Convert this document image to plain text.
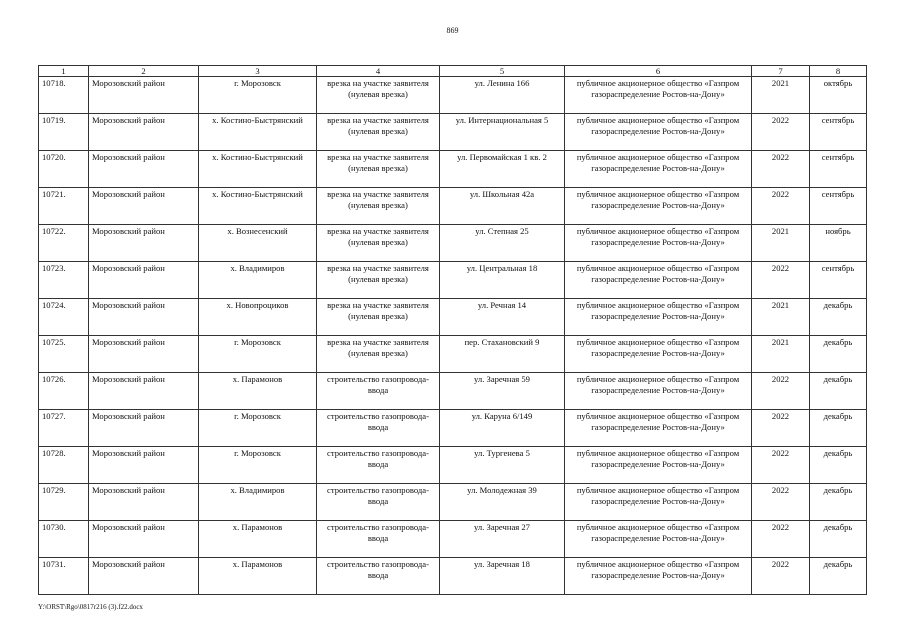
869
1	2	3	4	5	6	7	8
10718.	Морозовский район	г. Морозовск	врезка на участке заявителя (нулевая врезка)	ул. Ленина 166	публичное акционерное общество «Газпром газораспределение Ростов-на-Дону»	2021	октябрь
10719.	Морозовский район	х. Костино-Быстрянский	врезка на участке заявителя (нулевая врезка)	ул. Интернациональная 5	публичное акционерное общество «Газпром газораспределение Ростов-на-Дону»	2022	сентябрь
10720.	Морозовский район	х. Костино-Быстрянский	врезка на участке заявителя (нулевая врезка)	ул. Первомайская 1 кв. 2	публичное акционерное общество «Газпром газораспределение Ростов-на-Дону»	2022	сентябрь
10721.	Морозовский район	х. Костино-Быстрянский	врезка на участке заявителя (нулевая врезка)	ул. Школьная 42а	публичное акционерное общество «Газпром газораспределение Ростов-на-Дону»	2022	сентябрь
10722.	Морозовский район	х. Вознесенский	врезка на участке заявителя (нулевая врезка)	ул. Степная 25	публичное акционерное общество «Газпром газораспределение Ростов-на-Дону»	2021	ноябрь
10723.	Морозовский район	х. Владимиров	врезка на участке заявителя (нулевая врезка)	ул. Центральная 18	публичное акционерное общество «Газпром газораспределение Ростов-на-Дону»	2022	сентябрь
10724.	Морозовский район	х. Новопроциков	врезка на участке заявителя (нулевая врезка)	ул. Речная 14	публичное акционерное общество «Газпром газораспределение Ростов-на-Дону»	2021	декабрь
10725.	Морозовский район	г. Морозовск	врезка на участке заявителя (нулевая врезка)	пер. Стахановский 9	публичное акционерное общество «Газпром газораспределение Ростов-на-Дону»	2021	декабрь
10726.	Морозовский район	х. Парамонов	строительство газопровода-ввода	ул. Заречная 59	публичное акционерное общество «Газпром газораспределение Ростов-на-Дону»	2022	декабрь
10727.	Морозовский район	г. Морозовск	строительство газопровода-ввода	ул. Каруна 6/149	публичное акционерное общество «Газпром газораспределение Ростов-на-Дону»	2022	декабрь
10728.	Морозовский район	г. Морозовск	строительство газопровода-ввода	ул. Тургенева 5	публичное акционерное общество «Газпром газораспределение Ростов-на-Дону»	2022	декабрь
10729.	Морозовский район	х. Владимиров	строительство газопровода-ввода	ул. Молодежная 39	публичное акционерное общество «Газпром газораспределение Ростов-на-Дону»	2022	декабрь
10730.	Морозовский район	х. Парамонов	строительство газопровода-ввода	ул. Заречная 27	публичное акционерное общество «Газпром газораспределение Ростов-на-Дону»	2022	декабрь
10731.	Морозовский район	х. Парамонов	строительство газопровода-ввода	ул. Заречная 18	публичное акционерное общество «Газпром газораспределение Ростов-на-Дону»	2022	декабрь
Y:\ORST\Rgo\0817r216 (3).f22.docx
